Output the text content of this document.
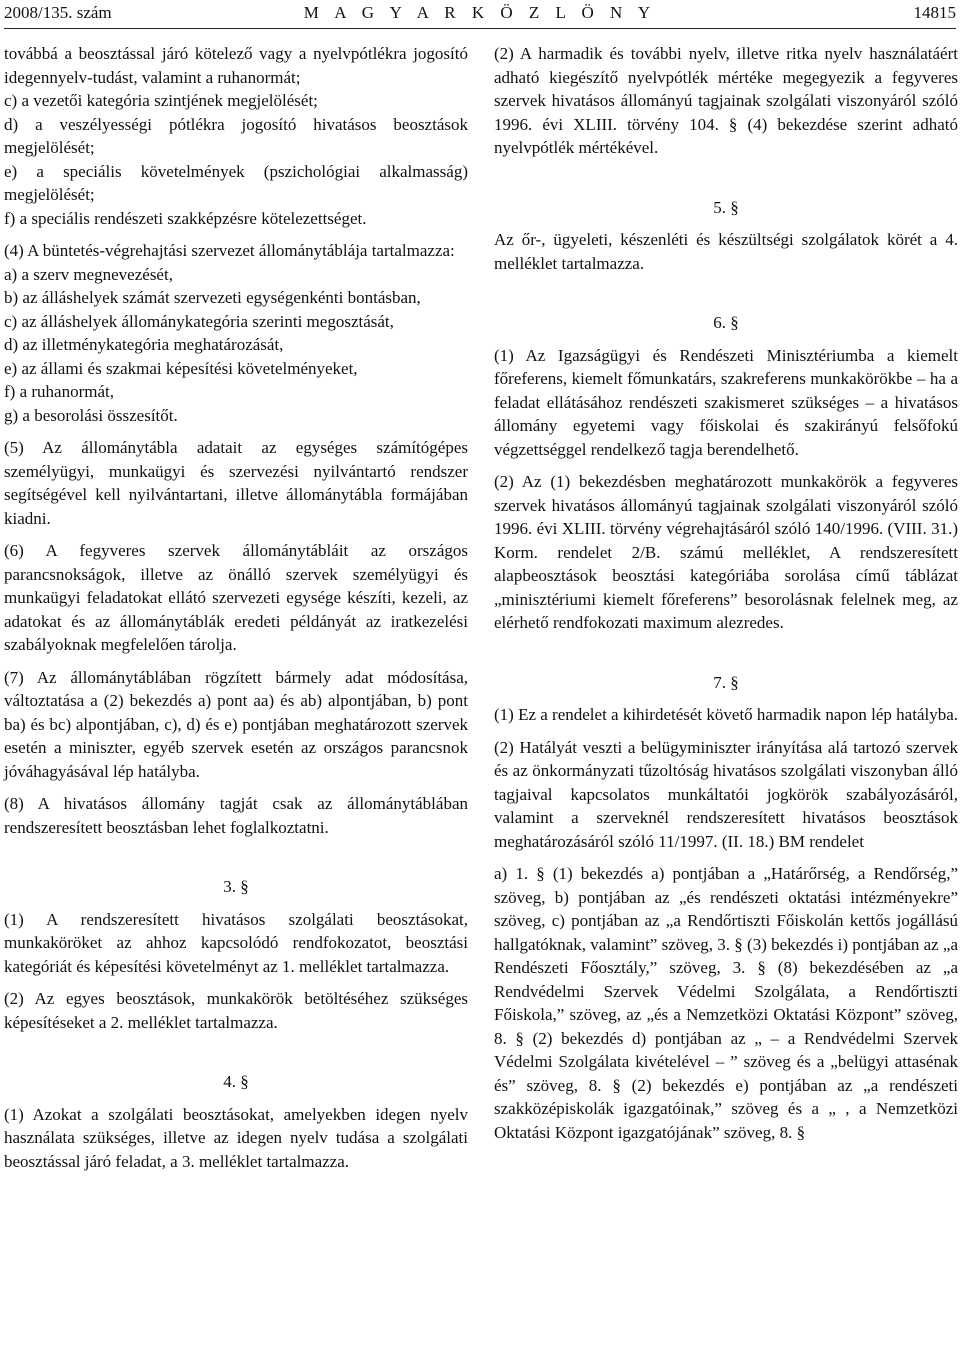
2008/135. szám	M A G Y A R K Ö Z L Ö N Y	14815

továbbá a beosztással járó kötelező vagy a nyelvpótlékra jogosító idegennyelv-tudást, valamint a ruhanormát;

c) a vezetői kategória szintjének megjelölését;

d) a veszélyességi pótlékra jogosító hivatásos beosztások megjelölését;

e) a speciális követelmények (pszichológiai alkalmasság) megjelölését;

f) a speciális rendészeti szakképzésre kötelezettséget.

(4) A büntetés-végrehajtási szervezet állománytáblája tartalmazza:

a) a szerv megnevezését,

b) az álláshelyek számát szervezeti egységenkénti bontásban,

c) az álláshelyek állománykategória szerinti megosztását,

d) az illetménykategória meghatározását,

e) az állami és szakmai képesítési követelményeket,

f) a ruhanormát,

g) a besorolási összesítőt.

(5) Az állománytábla adatait az egységes számítógépes személyügyi, munkaügyi és szervezési nyilvántartó rendszer segítségével kell nyilvántartani, illetve állománytábla formájában kiadni.

(6) A fegyveres szervek állománytábláit az országos parancsnokságok, illetve az önálló szervek személyügyi és munkaügyi feladatokat ellátó szervezeti egysége készíti, kezeli, az adatokat és az állománytáblák eredeti példányát az iratkezelési szabályoknak megfelelően tárolja.

(7) Az állománytáblában rögzített bármely adat módosítása, változtatása a (2) bekezdés a) pont aa) és ab) alpontjában, b) pont ba) és bc) alpontjában, c), d) és e) pontjában meghatározott szervek esetén a miniszter, egyéb szervek esetén az országos parancsnok jóváhagyásával lép hatályba.

(8) A hivatásos állomány tagját csak az állománytáblában rendszeresített beosztásban lehet foglalkoztatni.

3. §

(1) A rendszeresített hivatásos szolgálati beosztásokat, munkaköröket az ahhoz kapcsolódó rendfokozatot, beosztási kategóriát és képesítési követelményt az 1. melléklet tartalmazza.

(2) Az egyes beosztások, munkakörök betöltéséhez szükséges képesítéseket a 2. melléklet tartalmazza.

4. §

(1) Azokat a szolgálati beosztásokat, amelyekben idegen nyelv használata szükséges, illetve az idegen nyelv tudása a szolgálati beosztással járó feladat, a 3. melléklet tartalmazza.

(2) A harmadik és további nyelv, illetve ritka nyelv használatáért adható kiegészítő nyelvpótlék mértéke megegyezik a fegyveres szervek hivatásos állományú tagjainak szolgálati viszonyáról szóló 1996. évi XLIII. törvény 104. § (4) bekezdése szerint adható nyelvpótlék mértékével.

5. §

Az őr-, ügyeleti, készenléti és készültségi szolgálatok körét a 4. melléklet tartalmazza.

6. §

(1) Az Igazságügyi és Rendészeti Minisztériumba a kiemelt főreferens, kiemelt főmunkatárs, szakreferens munkakörökbe – ha a feladat ellátásához rendészeti szakismeret szükséges – a hivatásos állomány egyetemi vagy főiskolai és szakirányú felsőfokú végzettséggel rendelkező tagja berendelhető.

(2) Az (1) bekezdésben meghatározott munkakörök a fegyveres szervek hivatásos állományú tagjainak szolgálati viszonyáról szóló 1996. évi XLIII. törvény végrehajtásáról szóló 140/1996. (VIII. 31.) Korm. rendelet 2/B. számú melléklet, A rendszeresített alapbeosztások beosztási kategóriába sorolása című táblázat „minisztériumi kiemelt főreferens” besorolásnak felelnek meg, az elérhető rendfokozati maximum alezredes.

7. §

(1) Ez a rendelet a kihirdetését követő harmadik napon lép hatályba.

(2) Hatályát veszti a belügyminiszter irányítása alá tartozó szervek és az önkormányzati tűzoltóság hivatásos szolgálati viszonyban álló tagjaival kapcsolatos munkáltatói jogkörök szabályozásáról, valamint a szerveknél rendszeresített hivatásos beosztások meghatározásáról szóló 11/1997. (II. 18.) BM rendelet

a) 1. § (1) bekezdés a) pontjában a „Határőrség, a Rendőrség,” szöveg, b) pontjában az „és rendészeti oktatási intézményekre” szöveg, c) pontjában az „a Rendőrtiszti Főiskolán kettős jogállású hallgatóknak, valamint” szöveg, 3. § (3) bekezdés i) pontjában az „a Rendészeti Főosztály,” szöveg, 3. § (8) bekezdésében az „a Rendvédelmi Szervek Védelmi Szolgálata, a Rendőrtiszti Főiskola,” szöveg, az „és a Nemzetközi Oktatási Központ” szöveg, 8. § (2) bekezdés d) pontjában az „ – a Rendvédelmi Szervek Védelmi Szolgálata kivételével – ” szöveg és a „belügyi attasénak és” szöveg, 8. § (2) bekezdés e) pontjában az „a rendészeti szakközépiskolák igazgatóinak,” szöveg és a „ , a Nemzetközi Oktatási Központ igazgatójának” szöveg, 8. §
